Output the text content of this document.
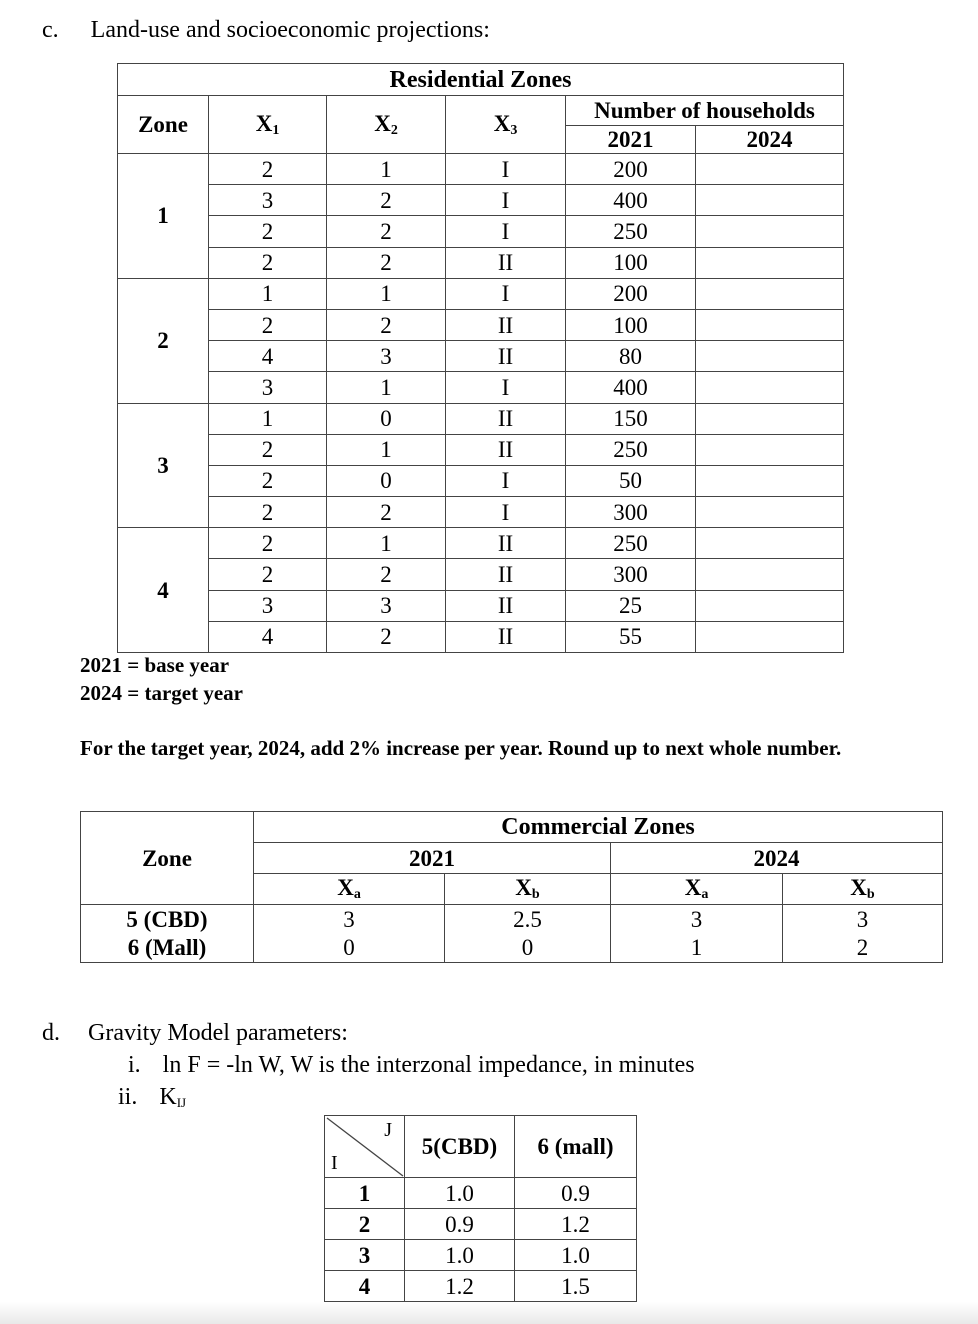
c. Land-use and socioeconomic projections:
Residential Zones					
Zone	$X_1$	$X_2$	$X_3$	Number of households	
				2021	2024
1	2	1	I	200	
	3	2	I	400	
	2	2	I	250	
	2	2	II	100	
2	1	1	I	200	
	2	2	II	100	
	4	3	II	80	
	3	1	I	400	
3	1	0	II	150	
	2	1	II	250	
	2	0	I	50	
	2	2	I	300	
4	2	1	II	250	
	2	2	II	300	
	3	3	II	25	
	4	2	II	55	
2021 = base year
2024 = target year
For the target year, 2024, add 2% increase per year. Round up to next whole number.
Zone	Commercial Zones			
	2021		2024	
	$X_a$	$X_b$	$X_a$	$X_b$
5 (CBD)	3	2.5	3	3
6 (Mall)	0	0	1	2
d. Gravity Model parameters:
i. ln F = -ln W, W is the interzonal impedance, in minutes
ii. $K_{IJ}$
J
I	5(CBD)	6 (mall)
1	1.0	0.9
2	0.9	1.2
3	1.0	1.0
4	1.2	1.5
